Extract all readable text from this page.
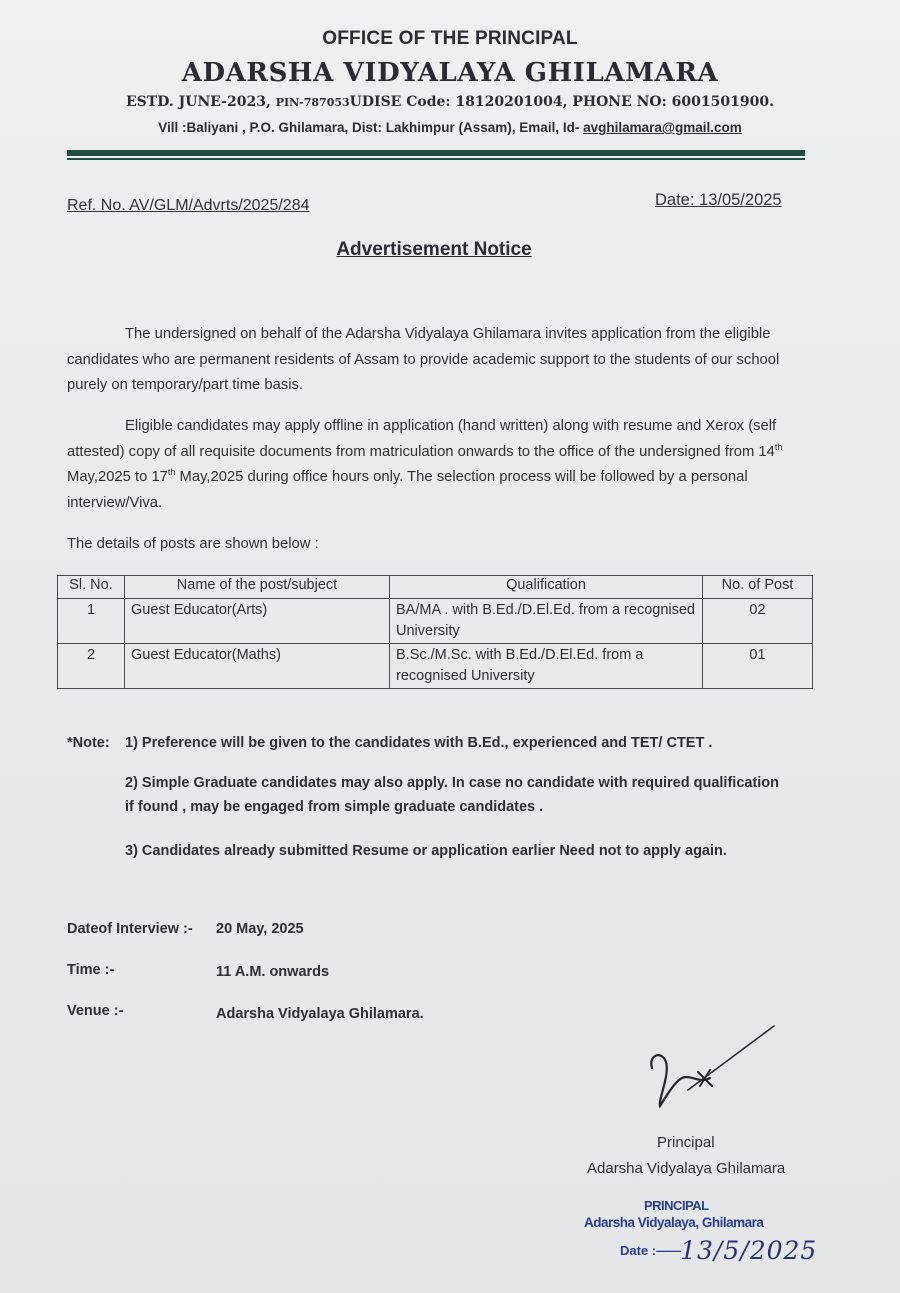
OFFICE OF THE PRINCIPAL
ADARSHA VIDYALAYA GHILAMARA
ESTD. JUNE-2023, PIN-787053UDISE Code: 18120201004, PHONE NO: 6001501900.
Vill :Baliyani , P.O. Ghilamara, Dist: Lakhimpur (Assam), Email, Id- avghilamara@gmail.com
Ref. No. AV/GLM/Advrts/2025/284	Date: 13/05/2025
Advertisement Notice
The undersigned on behalf of the Adarsha Vidyalaya Ghilamara invites application from the eligible candidates who are permanent residents of Assam to provide academic support to the students of our school purely on temporary/part time basis.
Eligible candidates may apply offline in application (hand written) along with resume and Xerox (self attested) copy of all requisite documents from matriculation onwards to the office of the undersigned from 14th May,2025 to 17th May,2025 during office hours only. The selection process will be followed by a personal interview/Viva.
The details of posts are shown below :
Sl. No.	Name of the post/subject	Qualification	No. of Post
1	Guest Educator(Arts)	BA/MA . with B.Ed./D.El.Ed. from a recognised University	02
2	Guest Educator(Maths)	B.Sc./M.Sc. with B.Ed./D.El.Ed. from a recognised University	01
*Note: 1) Preference will be given to the candidates with B.Ed., experienced and TET/ CTET .
2) Simple Graduate candidates may also apply. In case no candidate with required qualification if found , may be engaged from simple graduate candidates .
3) Candidates already submitted Resume or application earlier Need not to apply again.
Dateof Interview :- 20 May, 2025
Time :-	11 A.M. onwards
Venue :-	Adarsha Vidyalaya Ghilamara.
Principal
Adarsha Vidyalaya Ghilamara
PRINCIPAL
Adarsha Vidyalaya, Ghilamara
Date :——13/5/2025
